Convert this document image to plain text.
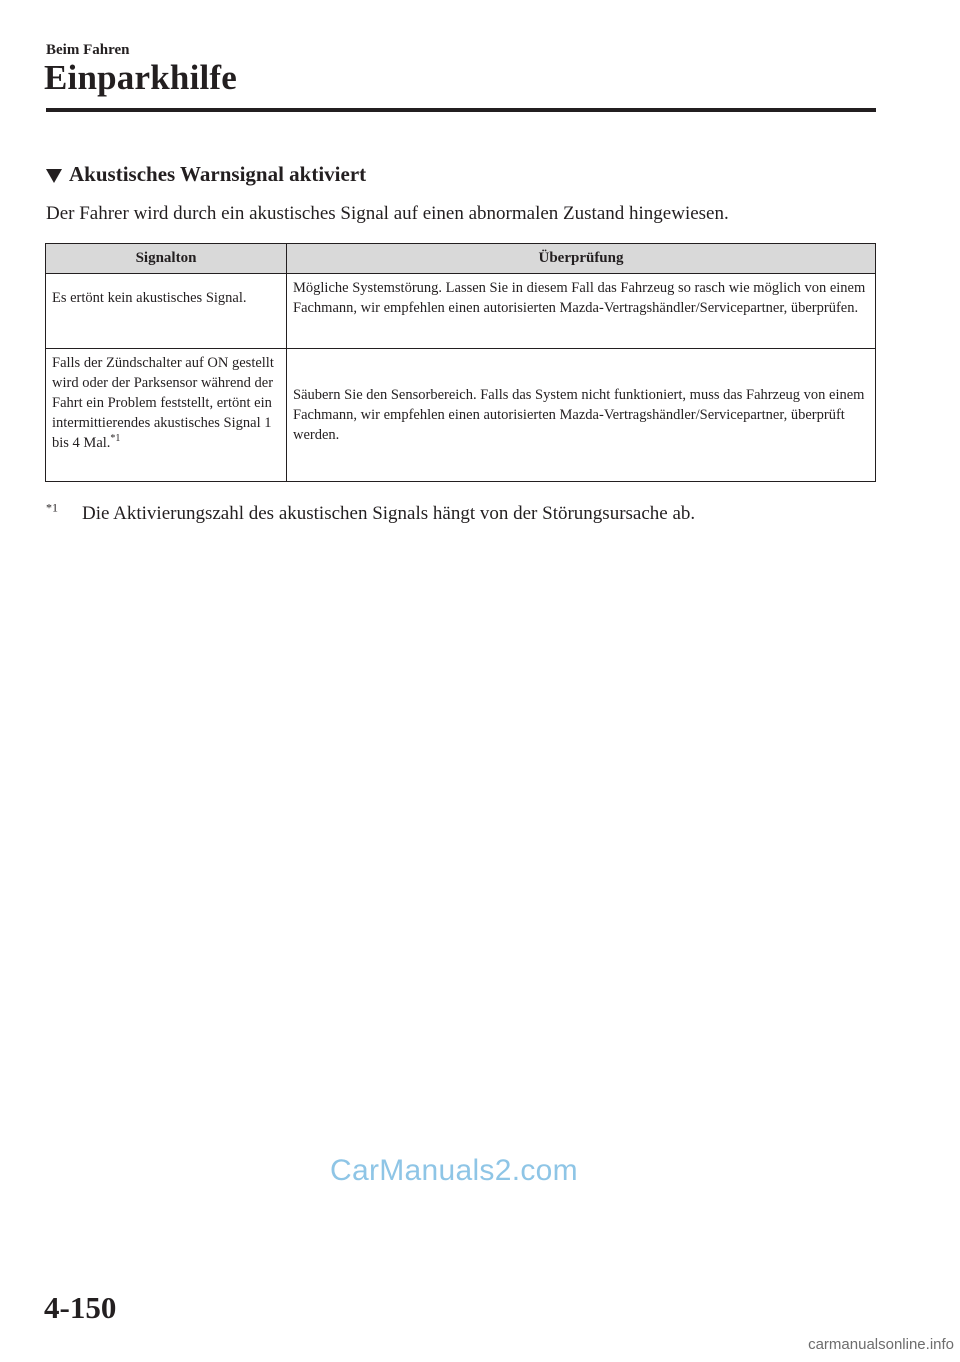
Beim Fahren
Einparkhilfe
Akustisches Warnsignal aktiviert
Der Fahrer wird durch ein akustisches Signal auf einen abnormalen Zustand hingewiesen.
Signalton	Überprüfung

Es ertönt kein akustisches Signal.	Mögliche Systemstörung. Lassen Sie in diesem Fall das Fahrzeug so rasch wie möglich von einem Fachmann, wir empfehlen einen autorisierten Mazda-Vertragshändler/Servicepartner, überprüfen.

Falls der Zündschalter auf ON gestellt wird oder der Parksensor während der Fahrt ein Problem feststellt, ertönt ein intermittierendes akustisches Signal 1 bis 4 Mal.$^{*1}$	Säubern Sie den Sensorbereich. Falls das System nicht funktioniert, muss das Fahrzeug von einem Fachmann, wir empfehlen einen autorisierten Mazda-Vertragshändler/Servicepartner, überprüft werden.
$^{*1}$ Die Aktivierungszahl des akustischen Signals hängt von der Störungsursache ab.
CarManuals2.com
4-150
carmanualsonline.info
